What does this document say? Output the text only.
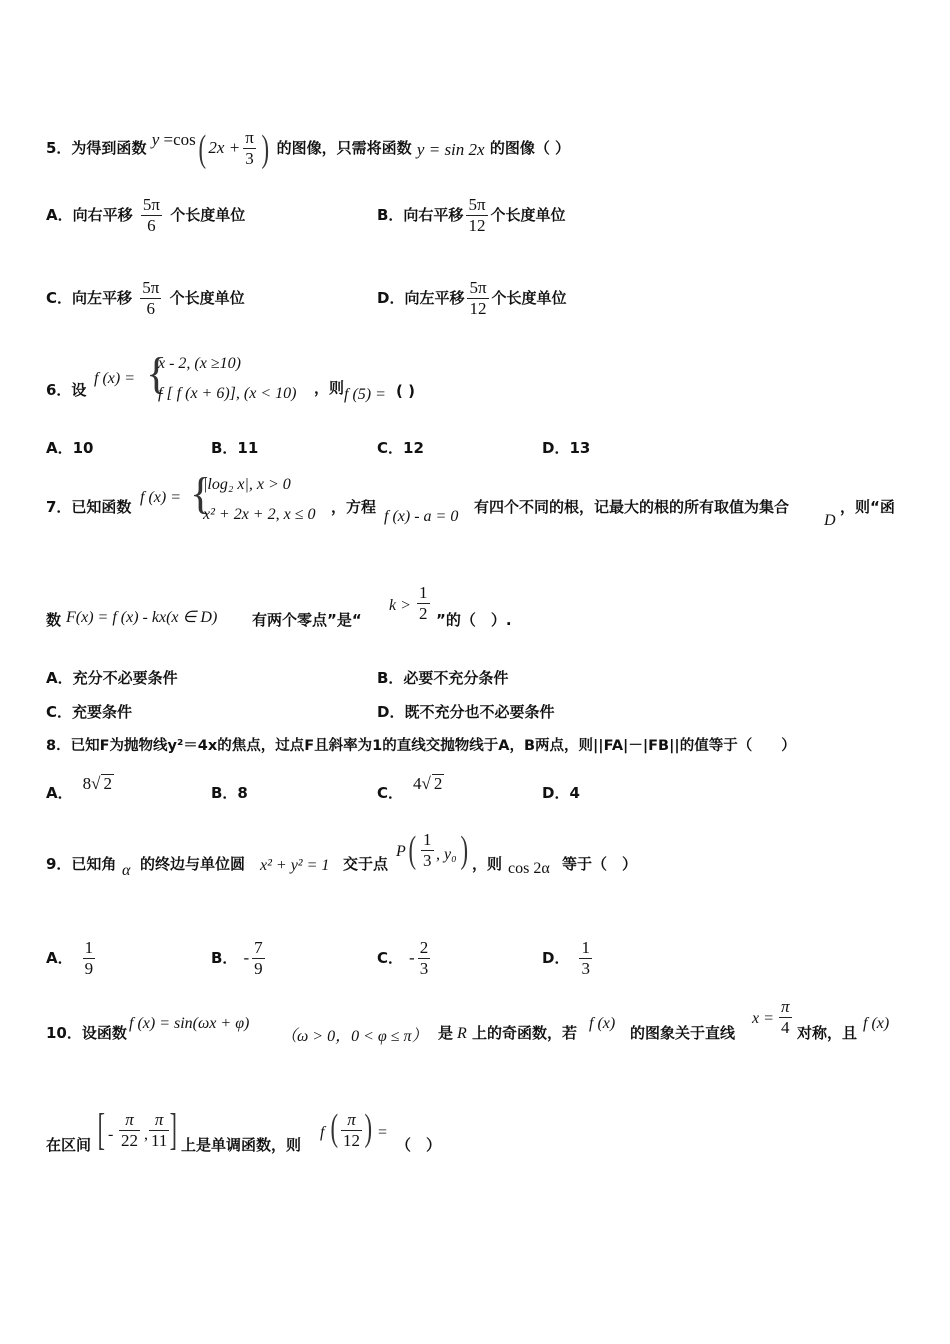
5．为得到函数 y =cos( $2x + \frac{\pi}{3}$ ) 的图像，只需将函数 y = sin 2x 的图像（ ）
A．向右平移 $\frac{5\pi}{6}$ 个长度单位	B．向右平移 $\frac{5\pi}{12}$ 个长度单位
C．向左平移 $\frac{5\pi}{6}$ 个长度单位	D．向左平移 $\frac{5\pi}{12}$ 个长度单位
6．设
f (x) = {
x - 2, (x ≥10)
f [ f (x + 6)], (x < 10) ，则 f (5) = ( )
A．10	B．11	C．12	D．13
7．已知函数
f (x) = {
|log₂ x|, x > 0
x² + 2x + 2, x ≤ 0 ，方程
f (x) - a = 0
有四个不同的根，记最大的根的所有取值为集合
D
，则“函
数 F(x) = f (x) - kx(x ∈ D) 有两个零点”是“
$k > \frac{1}{2}$ ”的（　）.
A．充分不必要条件	B．必要不充分条件
C．充要条件	D．既不充分也不必要条件
8．已知F为抛物线y²＝4x的焦点，过点F且斜率为1的直线交抛物线于A，B两点，则||FA|－|FB||的值等于（　　）
A． 8√ 2	B．8	C． 4√ 2	D．4
9．已知角 α 的终边与单位圆 x² + y² = 1 交于点
P ( $\frac{1}{3}$ , y₀ ) ，则 cos 2α 等于（　）
A． $\frac{1}{9}$	B． - $\frac{7}{9}$	C． - $\frac{2}{3}$	D． $\frac{1}{3}$
10．设函数
f (x) = sin(ωx + φ)
（ω > 0，0 < φ ≤ π） 是 R 上的奇函数，若
f (x)
的图象关于直线
$x = \frac{\pi}{4}$ 对称，且
f (x)
在区间 [ - $\frac{\pi}{22}$ , $\frac{\pi}{11}$ ] 上是单调函数，则
f ( $\frac{\pi}{12}$ ) =
（　）
